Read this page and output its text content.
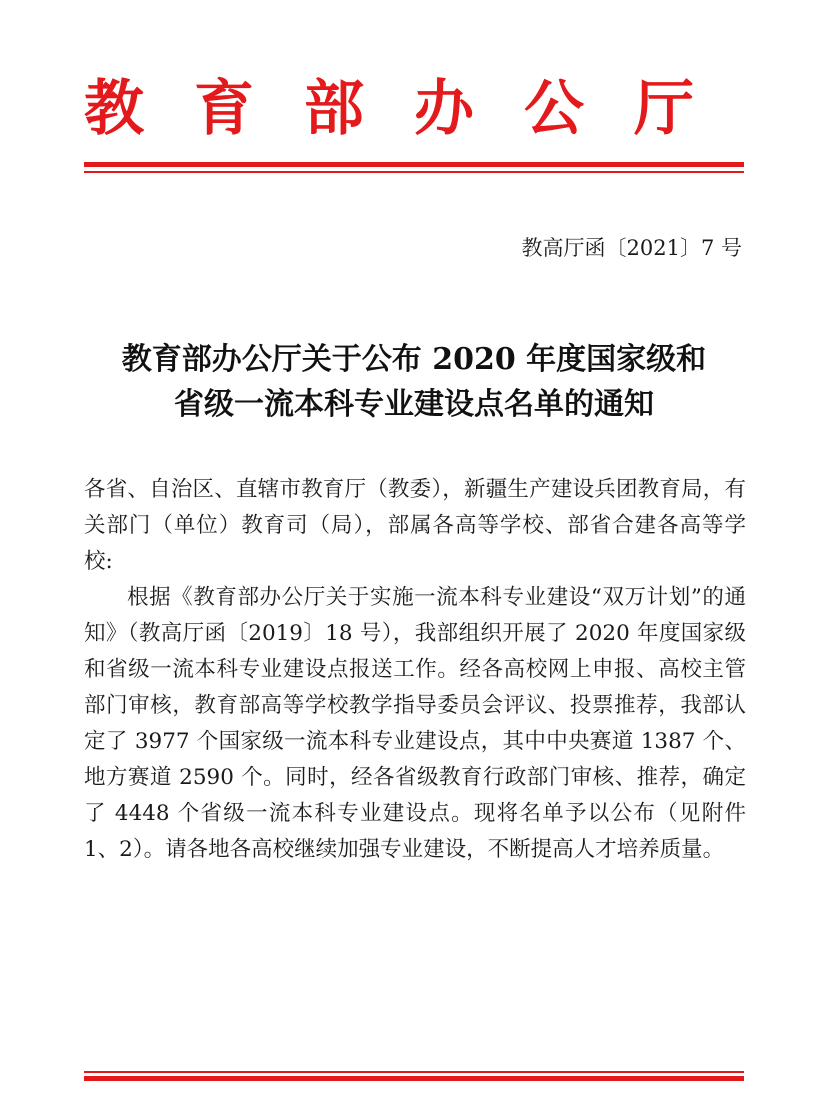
教育部办公厅
教高厅函〔2021〕7 号
教育部办公厅关于公布 2020 年度国家级和
省级一流本科专业建设点名单的通知

各省、自治区、直辖市教育厅（教委），新疆生产建设兵团教育局，有关部门（单位）教育司（局），部属各高等学校、部省合建各高等学校:

根据《教育部办公厅关于实施一流本科专业建设“双万计划”的通知》（教高厅函〔2019〕18 号），我部组织开展了 2020 年度国家级和省级一流本科专业建设点报送工作。经各高校网上申报、高校主管部门审核，教育部高等学校教学指导委员会评议、投票推荐，我部认定了 3977 个国家级一流本科专业建设点，其中中央赛道 1387 个、地方赛道 2590 个。同时，经各省级教育行政部门审核、推荐，确定了 4448 个省级一流本科专业建设点。现将名单予以公布（见附件 1、2）。请各地各高校继续加强专业建设，不断提高人才培养质量。
